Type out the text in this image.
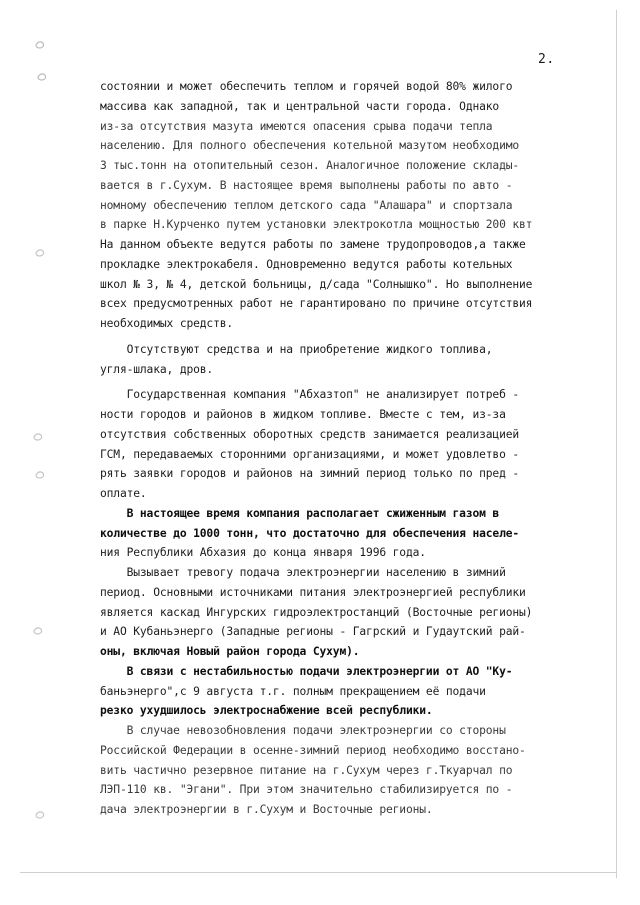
2.
состоянии и может обеспечить теплом и горячей водой 80% жилого
массива как западной, так и центральной части города. Однако
из-за отсутствия мазута имеются опасения срыва подачи тепла
населению. Для полного обеспечения котельной мазутом необходимо
3 тыс.тонн на отопительный сезон. Аналогичное положение склады-
вается в г.Сухум. В настоящее время выполнены работы по авто -
номному обеспечению теплом детского сада "Алашара" и спортзала
в парке Н.Курченко путем установки электрокотла мощностью 200 квт
На данном объекте ведутся работы по замене трудопроводов,а также
прокладке электрокабеля. Одновременно ведутся работы котельных
школ № 3, № 4, детской больницы, д/сада "Солнышко". Но выполнение
всех предусмотренных работ не гарантировано по причине отсутствия
необходимых средств.
Отсутствуют средства и на приобретение жидкого топлива,
угля-шлака, дров.
Государственная компания "Абхазтоп" не анализирует потреб -
ности городов и районов в жидком топливе. Вместе с тем, из-за
отсутствия собственных оборотных средств занимается реализацией
ГСМ, передаваемых сторонними организациями, и может удовлетво -
рять заявки городов и районов на зимний период только по пред -
оплате.
В настоящее время компания располагает сжиженным газом в
количестве до 1000 тонн, что достаточно для обеспечения населе-
ния Республики Абхазия до конца января 1996 года.
Вызывает тревогу подача электроэнергии населению в зимний
период. Основными источниками питания электроэнергией республики
является каскад Ингурских гидроэлектростанций (Восточные регионы)
и АО Кубаньэнерго (Западные регионы - Гагрский и Гудаутский рай-
оны, включая Новый район города Сухум).
В связи с нестабильностью подачи электроэнергии от АО "Ку-
баньэнерго",с 9 августа т.г. полным прекращением её подачи
резко ухудшилось электроснабжение всей республики.
В случае невозобновления подачи электроэнергии со стороны
Российской Федерации в осенне-зимний период необходимо восстано-
вить частично резервное питание на г.Сухум через г.Ткуарчал по
ЛЭП-110 кв. "Эгани". При этом значительно стабилизируется по -
дача электроэнергии в г.Сухум и Восточные регионы.
